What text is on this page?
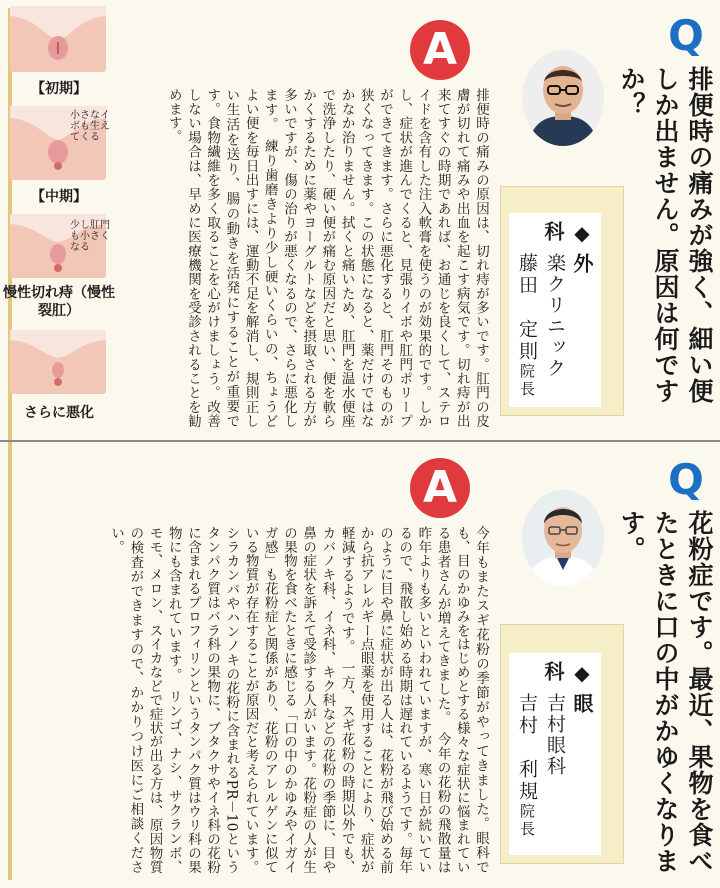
Q
排便時の痛みが強く、細い便しか出ません。原因は何ですか？
A
◆外 科
楽クリニック
藤田　定則院長

排便時の痛みの原因は、切れ痔が多いです。肛門の皮膚が切れて痛みや出血を起こす病気です。切れ痔が出来てすぐの時期であれば、お通じを良くして、ステロイドを含有した注入軟膏を使うのが効果的です。しかし、症状が進んでくると、見張りイボや肛門ポリープができてきます。さらに悪化すると、肛門そのものが狭くなってきます。この状態になると、薬だけではなかなか治りません。拭くと痛いため、肛門を温水便座で洗浄したり、硬い便が痛む原因だと思い、便を軟らかくするために薬やヨーグルトなどを摂取される方が多いですが、傷の治りが悪くなるので、さらに悪化します。　練り歯磨きより少し硬いくらいの、ちょうどよい便を毎日出すには、運動不足を解消し、規則正しい生活を送り、腸の動きを活発にすることが重要です。食物繊維を多く取ることを心がけましょう。改善しない場合は、早めに医療機関を受診されることを勧めます。

【初期】
小さなイボも生えてくる
【中期】
少し肛門も小さくなる
慢性切れ痔（慢性裂肛）
さらに悪化
Q
花粉症です。最近、果物を食べたときに口の中がかゆくなります。
A
◆眼 科
吉村眼科
吉村　利規院長

今年もまたスギ花粉の季節がやってきました。眼科でも、目のかゆみをはじめとする様々な症状に悩まれている患者さんが増えてきました。　今年の花粉の飛散量は昨年よりも多いといわれていますが、寒い日が続いているので、飛散し始める時期は遅れているようです。毎年のように目や鼻に症状が出る人は、花粉が飛び始める前から抗アレルギー点眼薬を使用することにより、症状が軽減するようです。　一方、スギ花粉の時期以外でも、カバノキ科、イネ科、キク科などの花粉の季節に、目や鼻の症状を訴えて受診する人がいます。花粉症の人が生の果物を食べたときに感じる「口の中のかゆみやイガイガ感」も花粉症と関係があり、花粉のアレルゲンに似ている物質が存在することが原因だと考えられています。シラカンバやハンノキの花粉に含まれるPR－10というタンパク質はバラ科の果物に、ブタクサやイネ科の花粉に含まれるプロフィリンというタンパク質はウリ科の果物にも含まれています。　リンゴ、ナシ、サクランボ、モモ、メロン、スイカなどで症状が出る方は、原因物質の検査ができますので、かかりつけ医にご相談ください。
